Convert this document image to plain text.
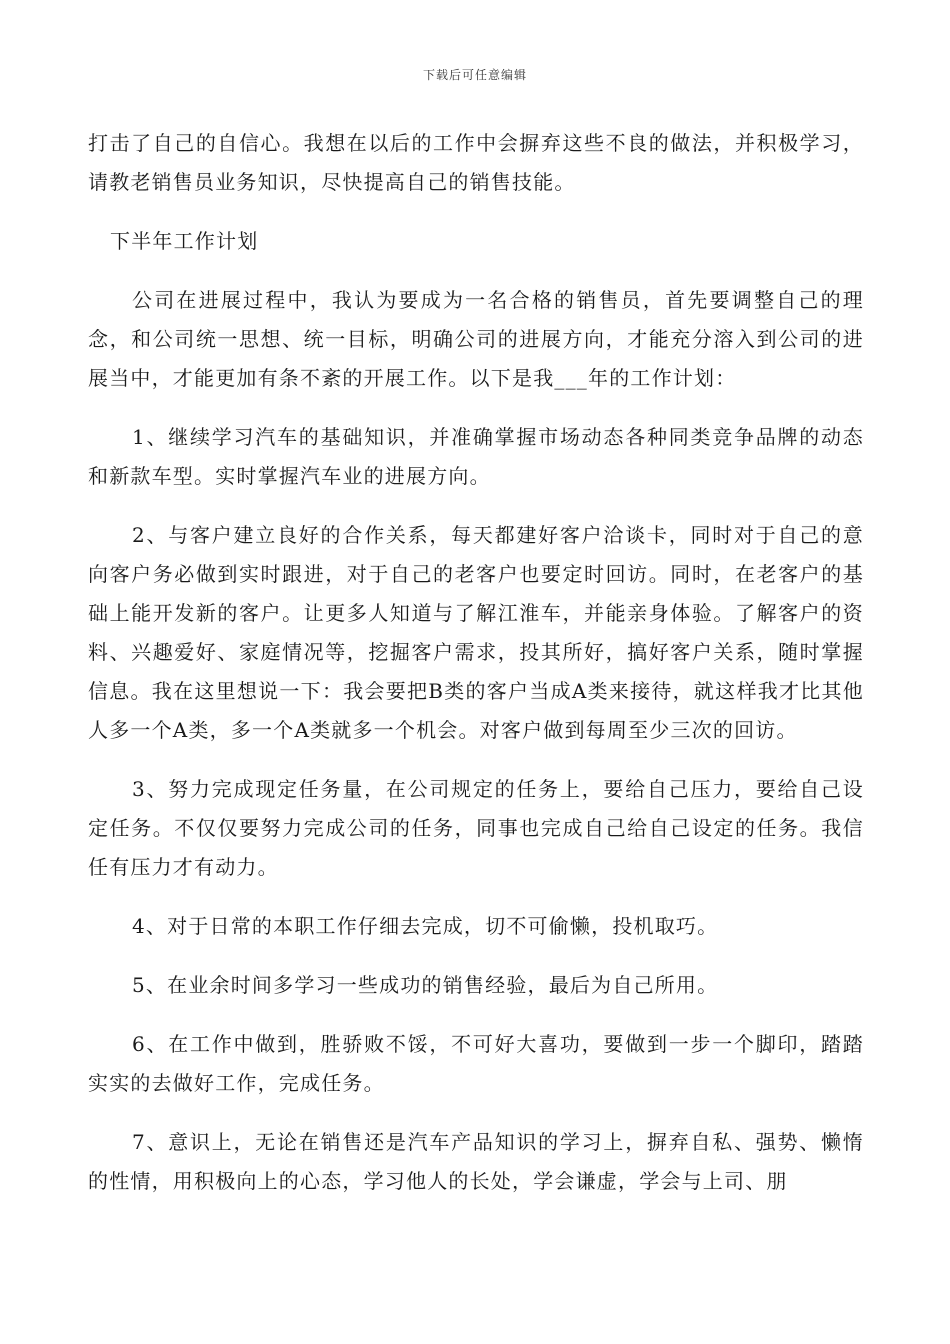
下载后可任意编辑

打击了自己的自信心。我想在以后的工作中会摒弃这些不良的做法，并积极学习，请教老销售员业务知识，尽快提高自己的销售技能。

下半年工作计划

公司在进展过程中，我认为要成为一名合格的销售员，首先要调整自己的理念，和公司统一思想、统一目标，明确公司的进展方向，才能充分溶入到公司的进展当中，才能更加有条不紊的开展工作。以下是我___年的工作计划：

1、继续学习汽车的基础知识，并准确掌握市场动态各种同类竞争品牌的动态和新款车型。实时掌握汽车业的进展方向。

2、与客户建立良好的合作关系，每天都建好客户洽谈卡，同时对于自己的意向客户务必做到实时跟进，对于自己的老客户也要定时回访。同时，在老客户的基础上能开发新的客户。让更多人知道与了解江淮车，并能亲身体验。了解客户的资料、兴趣爱好、家庭情况等，挖掘客户需求，投其所好，搞好客户关系，随时掌握信息。我在这里想说一下：我会要把B类的客户当成A类来接待，就这样我才比其他人多一个A类，多一个A类就多一个机会。对客户做到每周至少三次的回访。

3、努力完成现定任务量，在公司规定的任务上，要给自己压力，要给自己设定任务。不仅仅要努力完成公司的任务，同事也完成自己给自己设定的任务。我信任有压力才有动力。

4、对于日常的本职工作仔细去完成，切不可偷懒，投机取巧。

5、在业余时间多学习一些成功的销售经验，最后为自己所用。

6、在工作中做到，胜骄败不馁，不可好大喜功，要做到一步一个脚印，踏踏实实的去做好工作，完成任务。

7、意识上，无论在销售还是汽车产品知识的学习上，摒弃自私、强势、懒惰的性情，用积极向上的心态，学习他人的长处，学会谦虚，学会与上司、朋
